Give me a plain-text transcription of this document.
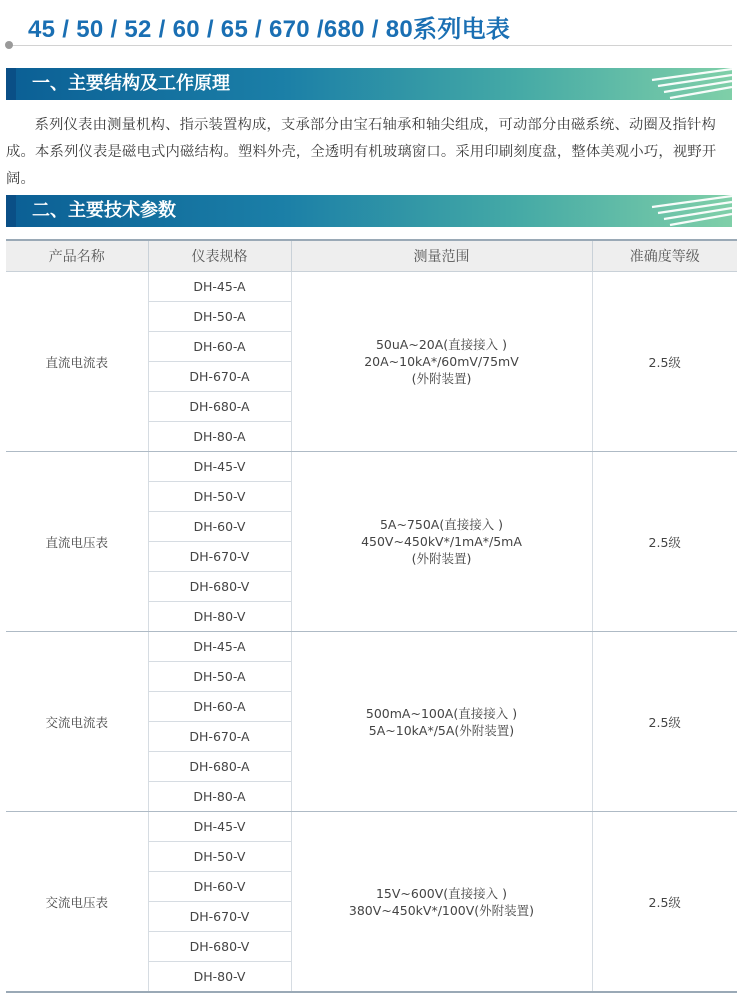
45 / 50 / 52 / 60 / 65 / 670 /680 / 80系列电表
一、主要结构及工作原理

系列仪表由测量机构、指示装置构成，支承部分由宝石轴承和轴尖组成，可动部分由磁系统、动圈及指针构成。本系列仪表是磁电式内磁结构。塑料外壳，全透明有机玻璃窗口。采用印刷刻度盘，整体美观小巧，视野开阔。

二、主要技术参数
产品名称	仪表规格	测量范围	准确度等级
直流电流表	DH-45-A	50uA~20A(直接接入 )
20A~10kA*/60mV/75mV
(外附装置)	2.5级
	DH-50-A		
	DH-60-A		
	DH-670-A		
	DH-680-A		
	DH-80-A		
直流电压表	DH-45-V	5A~750A(直接接入 )
450V~450kV*/1mA*/5mA
(外附装置)	2.5级
	DH-50-V		
	DH-60-V		
	DH-670-V		
	DH-680-V		
	DH-80-V		
交流电流表	DH-45-A	500mA~100A(直接接入 )
5A~10kA*/5A(外附装置)	2.5级
	DH-50-A		
	DH-60-A		
	DH-670-A		
	DH-680-A		
	DH-80-A		
交流电压表	DH-45-V	15V~600V(直接接入 )
380V~450kV*/100V(外附装置)	2.5级
	DH-50-V		
	DH-60-V		
	DH-670-V		
	DH-680-V		
	DH-80-V		
